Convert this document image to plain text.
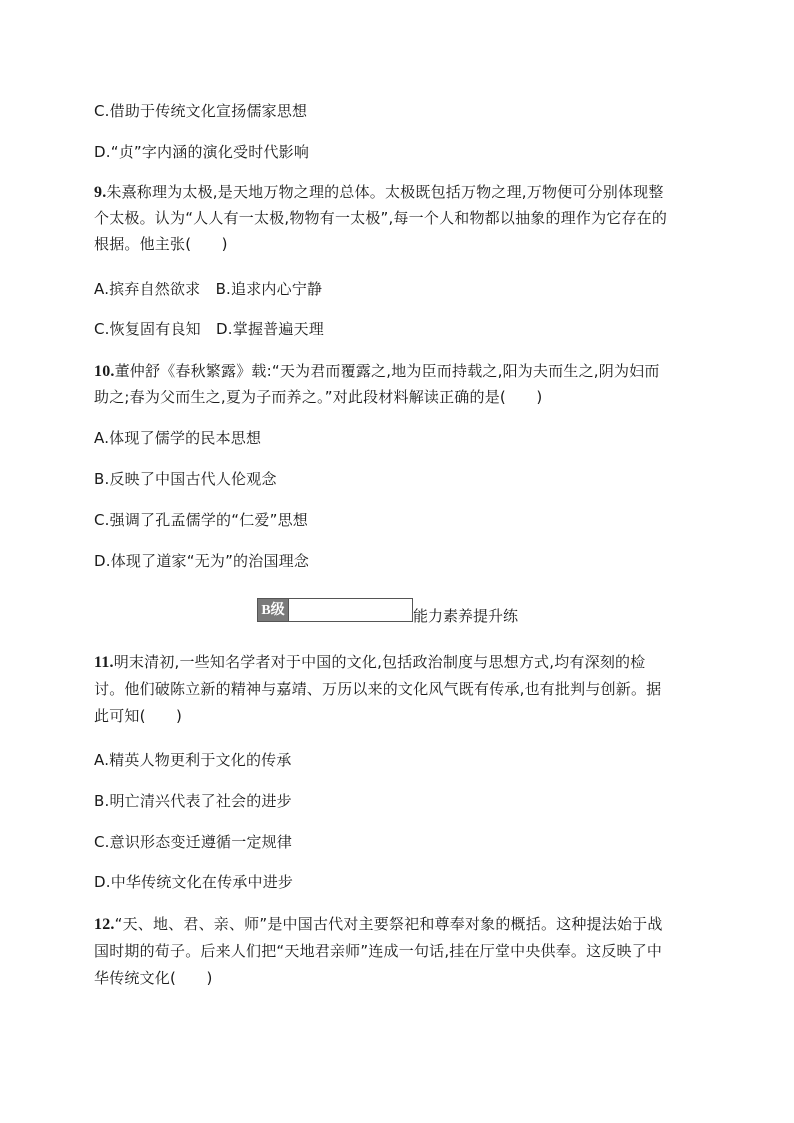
C.借助于传统文化宣扬儒家思想
D.“贞”字内涵的演化受时代影响
9.朱熹称理为太极,是天地万物之理的总体。太极既包括万物之理,万物便可分别体现整
个太极。认为“人人有一太极,物物有一太极”,每一个人和物都以抽象的理作为它存在的
根据。他主张(　　)
A.摈弃自然欲求　B.追求内心宁静
C.恢复固有良知　D.掌握普遍天理
10.董仲舒《春秋繁露》载:“天为君而覆露之,地为臣而持载之,阳为夫而生之,阴为妇而
助之;春为父而生之,夏为子而养之。”对此段材料解读正确的是(　　)
A.体现了儒学的民本思想
B.反映了中国古代人伦观念
C.强调了孔孟儒学的“仁爱”思想
D.体现了道家“无为”的治国理念
B级	能力素养提升练
11.明末清初,一些知名学者对于中国的文化,包括政治制度与思想方式,均有深刻的检
讨。他们破陈立新的精神与嘉靖、万历以来的文化风气既有传承,也有批判与创新。据
此可知(　　)
A.精英人物更利于文化的传承
B.明亡清兴代表了社会的进步
C.意识形态变迁遵循一定规律
D.中华传统文化在传承中进步
12.“天、地、君、亲、师”是中国古代对主要祭祀和尊奉对象的概括。这种提法始于战
国时期的荀子。后来人们把“天地君亲师”连成一句话,挂在厅堂中央供奉。这反映了中
华传统文化(　　)
